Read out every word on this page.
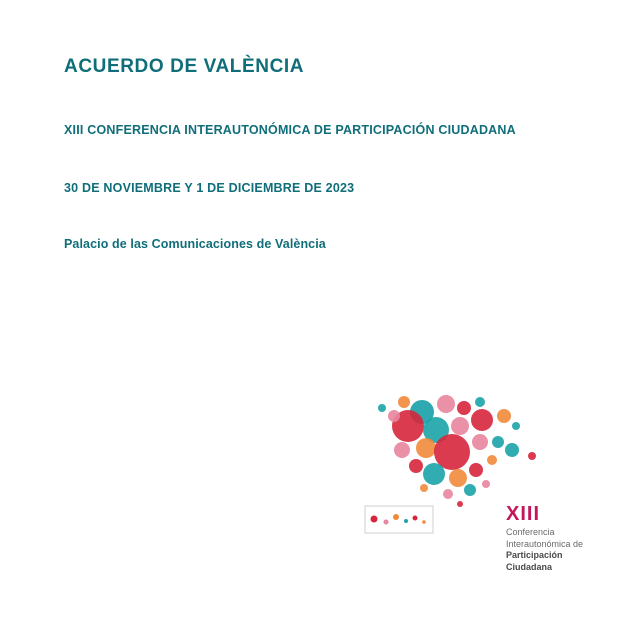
ACUERDO DE VALÈNCIA

XIII CONFERENCIA INTERAUTONÓMICA DE PARTICIPACIÓN CIUDADANA

30 DE NOVIEMBRE Y 1 DE DICIEMBRE DE 2023

Palacio de las Comunicaciones de València

XIII
Conferencia
Interautonómica de
Participación
Ciudadana
